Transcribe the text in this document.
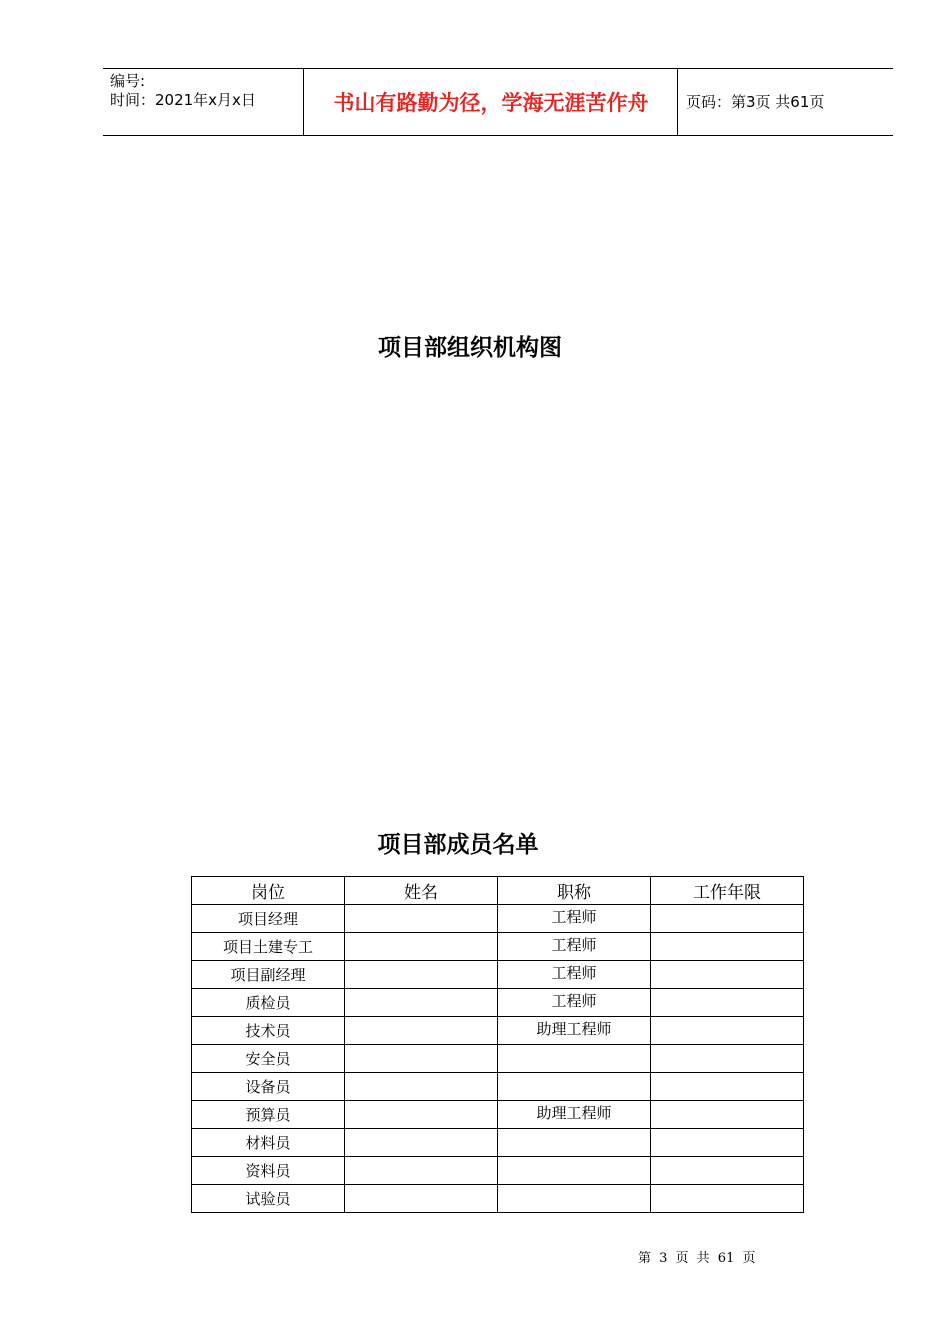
编号:
时间：2021年x月x日	书山有路勤为径，学海无涯苦作舟	页码：第3页 共61页
项目部组织机构图
项目部成员名单
岗位	姓名	职称	工作年限
项目经理		工程师	
项目土建专工		工程师	
项目副经理		工程师	
质检员		工程师	
技术员		助理工程师	
安全员			
设备员			
预算员		助理工程师	
材料员			
资料员			
试验员			
第 3 页 共 61 页
